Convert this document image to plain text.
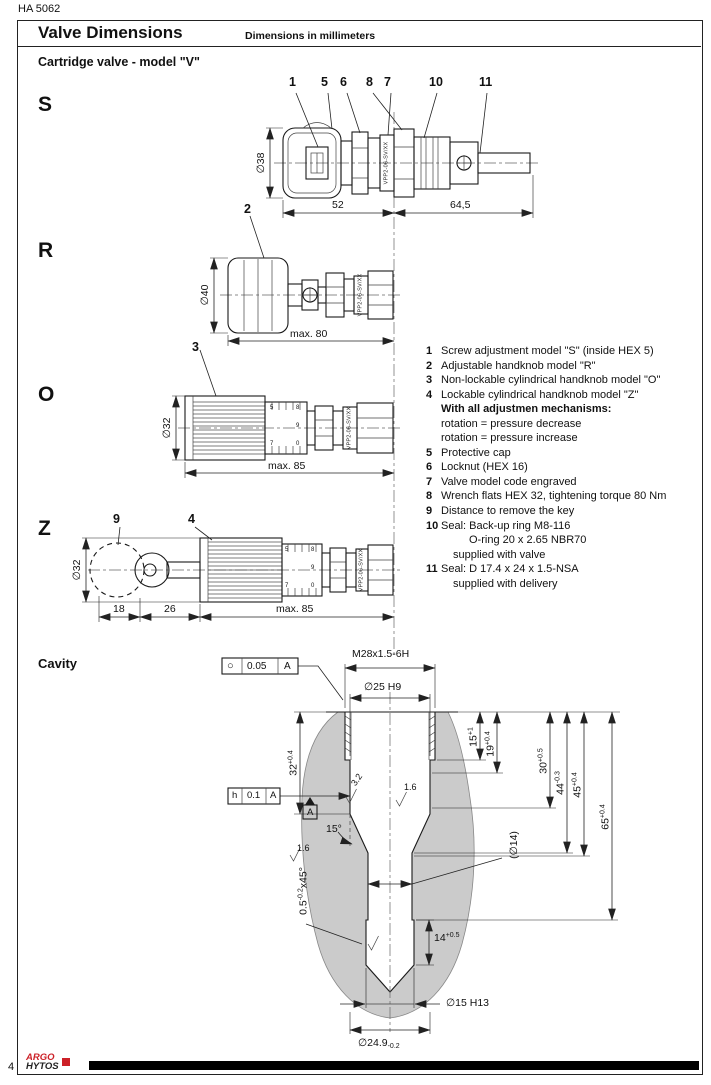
HA 5062
Valve Dimensions	Dimensions in millimeters
Cartridge valve - model "V"
S
R
O
Z
Cavity
1 5 6 8 7	10	11
2
3
9	4
∅38
52	64,5
∅40
max. 80
∅32
max. 85
∅32
18	26	max. 85
VPP2-06-SV/XX
VPP2-06-SV/XX
VPP2-06-SV/XX
VPP2-06-SV/XX
5
7
8
9
0
5
7
8
9
0
1 Screw adjustment model "S" (inside HEX 5)
2 Adjustable handknob model "R"
3 Non-lockable cylindrical handknob model "O"
4 Lockable cylindrical handknob model "Z"
With all adjustmen mechanisms:
rotation = pressure decrease
rotation = pressure increase
5 Protective cap
6 Locknut (HEX 16)
7 Valve model code engraved
8 Wrench flats HEX 32, tightening torque 80 Nm
9 Distance to remove the key
10 Seal: Back-up ring M8-116
O-ring 20 x 2.65 NBR70
supplied with valve
11 Seal: D 17.4 x 24 x 1.5-NSA
supplied with delivery
○ 0.05 A
M28x1.5-6H
∅25 H9
$15^{+1}$
$19^{+0.4}$
$30^{+0.5}$
$44^{-0.3}$
$45^{+0.4}$
$65^{+0.4}$
(∅14)
$32^{+0.4}$
h 0.1 A
A
15°
3.2	1.6
1.6
$0.5^{-0.2}x45^\circ$
$14^{+0.5}$
∅15 H13
$\emptyset 24.9_{-0.2}$
4
ARGO
HYTOS
